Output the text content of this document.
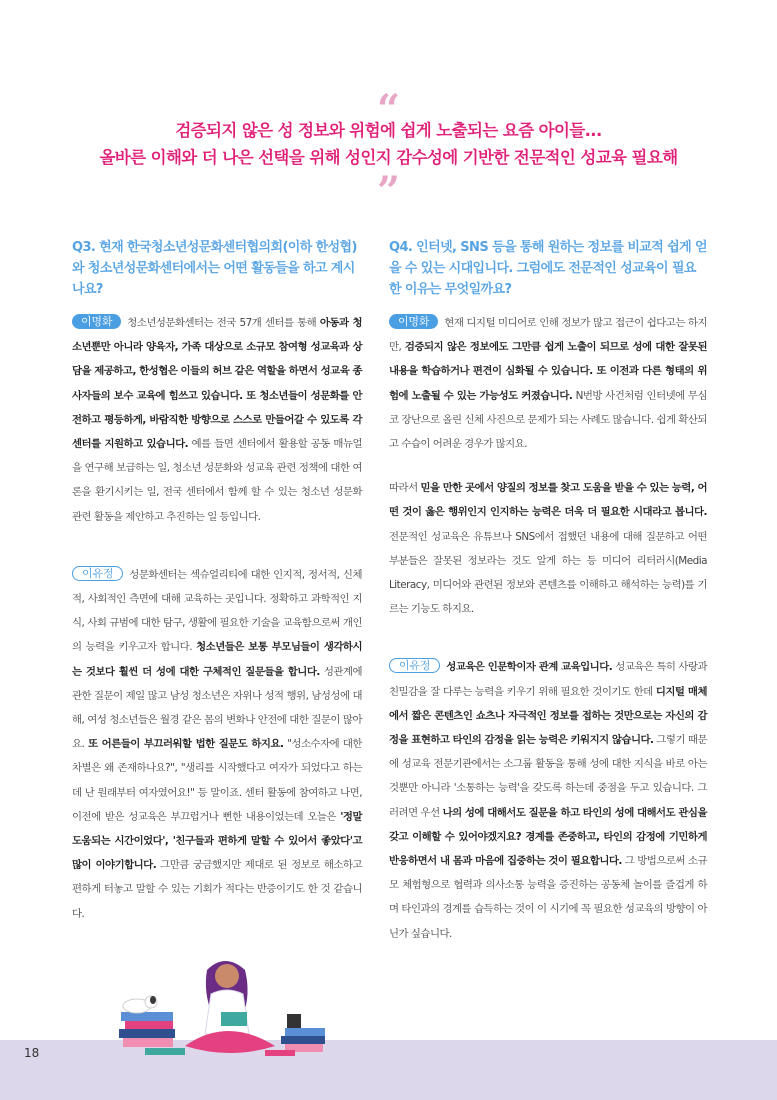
“
검증되지 않은 성 정보와 위험에 쉽게 노출되는 요즘 아이들...
올바른 이해와 더 나은 선택을 위해 성인지 감수성에 기반한 전문적인 성교육 필요해
”
Q3. 현재 한국청소년성문화센터협의회(이하 한성협)와 청소년성문화센터에서는 어떤 활동들을 하고 계시나요?

이명화 청소년성문화센터는 전국 57개 센터를 통해 아동과 청소년뿐만 아니라 양육자, 가족 대상으로 소규모 참여형 성교육과 상담을 제공하고, 한성협은 이들의 허브 같은 역할을 하면서 성교육 종사자들의 보수 교육에 힘쓰고 있습니다. 또 청소년들이 성문화를 안전하고 평등하게, 바람직한 방향으로 스스로 만들어갈 수 있도록 각 센터를 지원하고 있습니다. 예를 들면 센터에서 활용할 공동 매뉴얼을 연구해 보급하는 일, 청소년 성문화와 성교육 관련 정책에 대한 여론을 환기시키는 일, 전국 센터에서 함께 할 수 있는 청소년 성문화 관련 활동을 제안하고 추진하는 일 등입니다.

이유정 성문화센터는 섹슈얼리티에 대한 인지적, 정서적, 신체적, 사회적인 측면에 대해 교육하는 곳입니다. 정확하고 과학적인 지식, 사회 규범에 대한 탐구, 생활에 필요한 기술을 교육함으로써 개인의 능력을 키우고자 합니다. 청소년들은 보통 부모님들이 생각하시는 것보다 훨씬 더 성에 대한 구체적인 질문들을 합니다. 성관계에 관한 질문이 제일 많고 남성 청소년은 자위나 성적 행위, 남성성에 대해, 여성 청소년들은 월경 같은 몸의 변화나 안전에 대한 질문이 많아요. 또 어른들이 부끄러워할 법한 질문도 하지요. "성소수자에 대한 차별은 왜 존재하나요?", "생리를 시작했다고 여자가 되었다고 하는데 난 원래부터 여자였어요!" 등 말이죠. 센터 활동에 참여하고 나면, 이전에 받은 성교육은 부끄럽거나 뻔한 내용이었는데 오늘은 '정말 도움되는 시간이었다', '친구들과 편하게 말할 수 있어서 좋았다'고 많이 이야기합니다. 그만큼 궁금했지만 제대로 된 정보로 해소하고 편하게 터놓고 말할 수 있는 기회가 적다는 반증이기도 한 것 같습니다.

Q4. 인터넷, SNS 등을 통해 원하는 정보를 비교적 쉽게 얻을 수 있는 시대입니다. 그럼에도 전문적인 성교육이 필요한 이유는 무엇일까요?

이명화 현재 디지털 미디어로 인해 정보가 많고 접근이 쉽다고는 하지만, 검증되지 않은 정보에도 그만큼 쉽게 노출이 되므로 성에 대한 잘못된 내용을 학습하거나 편견이 심화될 수 있습니다. 또 이전과 다른 형태의 위험에 노출될 수 있는 가능성도 커졌습니다. N번방 사건처럼 인터넷에 무심코 장난으로 올린 신체 사진으로 문제가 되는 사례도 많습니다. 쉽게 확산되고 수습이 어려운 경우가 많지요.

따라서 믿을 만한 곳에서 양질의 정보를 찾고 도움을 받을 수 있는 능력, 어떤 것이 옳은 행위인지 인지하는 능력은 더욱 더 필요한 시대라고 봅니다. 전문적인 성교육은 유튜브나 SNS에서 접했던 내용에 대해 질문하고 어떤 부분들은 잘못된 정보라는 것도 알게 하는 등 미디어 리터러시(Media Literacy, 미디어와 관련된 정보와 콘텐츠를 이해하고 해석하는 능력)를 기르는 기능도 하지요.

이유정 성교육은 인문학이자 관계 교육입니다. 성교육은 특히 사랑과 친밀감을 잘 다루는 능력을 키우기 위해 필요한 것이기도 한데 디지털 매체에서 짧은 콘텐츠인 쇼츠나 자극적인 정보를 접하는 것만으로는 자신의 감정을 표현하고 타인의 감정을 읽는 능력은 키워지지 않습니다. 그렇기 때문에 성교육 전문기관에서는 소그룹 활동을 통해 성에 대한 지식을 바로 아는 것뿐만 아니라 '소통하는 능력'을 갖도록 하는데 중점을 두고 있습니다. 그러려면 우선 나의 성에 대해서도 질문을 하고 타인의 성에 대해서도 관심을 갖고 이해할 수 있어야겠지요? 경계를 존중하고, 타인의 감정에 기민하게 반응하면서 내 몸과 마음에 집중하는 것이 필요합니다. 그 방법으로써 소규모 체험형으로 협력과 의사소통 능력을 증진하는 공동체 놀이를 즐겁게 하며 타인과의 경계를 습득하는 것이 이 시기에 꼭 필요한 성교육의 방향이 아닌가 싶습니다.

18
